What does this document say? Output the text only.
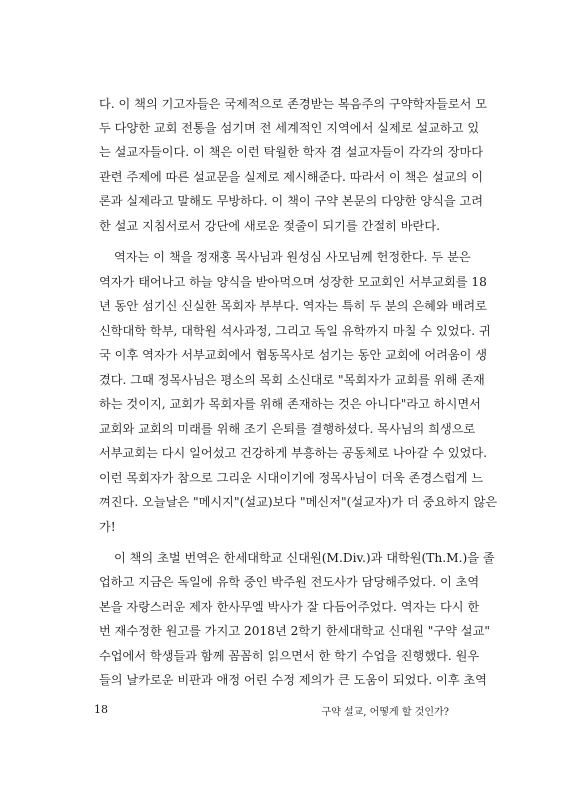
다. 이 책의 기고자들은 국제적으로 존경받는 복음주의 구약학자들로서 모
두 다양한 교회 전통을 섬기며 전 세계적인 지역에서 실제로 설교하고 있
는 설교자들이다. 이 책은 이런 탁월한 학자 겸 설교자들이 각각의 장마다
관련 주제에 따른 설교문을 실제로 제시해준다. 따라서 이 책은 설교의 이
론과 실제라고 말해도 무방하다. 이 책이 구약 본문의 다양한 양식을 고려
한 설교 지침서로서 강단에 새로운 젖줄이 되기를 간절히 바란다.
역자는 이 책을 정재홍 목사님과 원성심 사모님께 헌정한다. 두 분은
역자가 태어나고 하늘 양식을 받아먹으며 성장한 모교회인 서부교회를 18
년 동안 섬기신 신실한 목회자 부부다. 역자는 특히 두 분의 은혜와 배려로
신학대학 학부, 대학원 석사과정, 그리고 독일 유학까지 마칠 수 있었다. 귀
국 이후 역자가 서부교회에서 협동목사로 섬기는 동안 교회에 어려움이 생
겼다. 그때 정목사님은 평소의 목회 소신대로 "목회자가 교회를 위해 존재
하는 것이지, 교회가 목회자를 위해 존재하는 것은 아니다"라고 하시면서
교회와 교회의 미래를 위해 조기 은퇴를 결행하셨다. 목사님의 희생으로
서부교회는 다시 일어섰고 건강하게 부흥하는 공동체로 나아갈 수 있었다.
이런 목회자가 참으로 그리운 시대이기에 정목사님이 더욱 존경스럽게 느
껴진다. 오늘날은 "메시지"(설교)보다 "메신저"(설교자)가 더 중요하지 않은
가!
이 책의 초벌 번역은 한세대학교 신대원(M.Div.)과 대학원(Th.M.)을 졸
업하고 지금은 독일에 유학 중인 박주원 전도사가 담당해주었다. 이 초역
본을 자랑스러운 제자 한사무엘 박사가 잘 다듬어주었다. 역자는 다시 한
번 재수정한 원고를 가지고 2018년 2학기 한세대학교 신대원 "구약 설교"
수업에서 학생들과 함께 꼼꼼히 읽으면서 한 학기 수업을 진행했다. 원우
들의 날카로운 비판과 애정 어린 수정 제의가 큰 도움이 되었다. 이후 초역
18	구약 설교, 어떻게 할 것인가?
